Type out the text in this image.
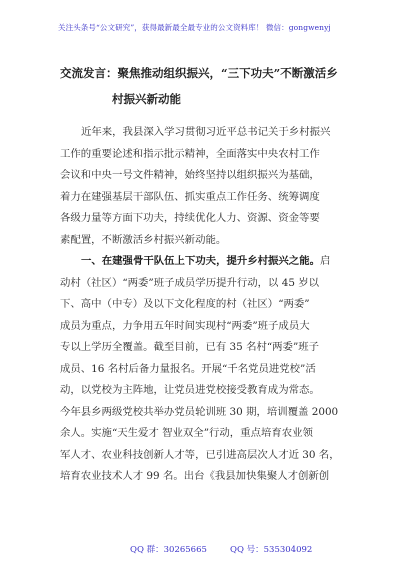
关注头条号“公文研究”，获得最新最全最专业的公文资料库！ 微信：gongwenyj
交流发言：聚焦推动组织振兴，“三下功夫”不断激活乡
村振兴新动能

近年来，我县深入学习贯彻习近平总书记关于乡村振兴
工作的重要论述和指示批示精神，全面落实中央农村工作
会议和中央一号文件精神，始终坚持以组织振兴为基础，
着力在建强基层干部队伍、抓实重点工作任务、统筹调度
各级力量等方面下功夫，持续优化人力、资源、资金等要
素配置，不断激活乡村振兴新动能。

一、在建强骨干队伍上下功夫，提升乡村振兴之能。启
动村（社区）“两委”班子成员学历提升行动，以 45 岁以
下、高中（中专）及以下文化程度的村（社区）“两委”
成员为重点，力争用五年时间实现村“两委”班子成员大
专以上学历全覆盖。截至目前，已有 35 名村“两委”班子
成员、16 名村后备力量报名。开展“千名党员进党校”活
动，以党校为主阵地，让党员进党校接受教育成为常态。
今年县乡两级党校共举办党员轮训班 30 期，培训覆盖 2000
余人。实施“天生爱才 智业双全”行动，重点培育农业领
军人才、农业科技创新人才等，已引进高层次人才近 30 名，
培育农业技术人才 99 名。出台《我县加快集聚人才创新创

QQ 群：30265665	QQ 号：535304092
